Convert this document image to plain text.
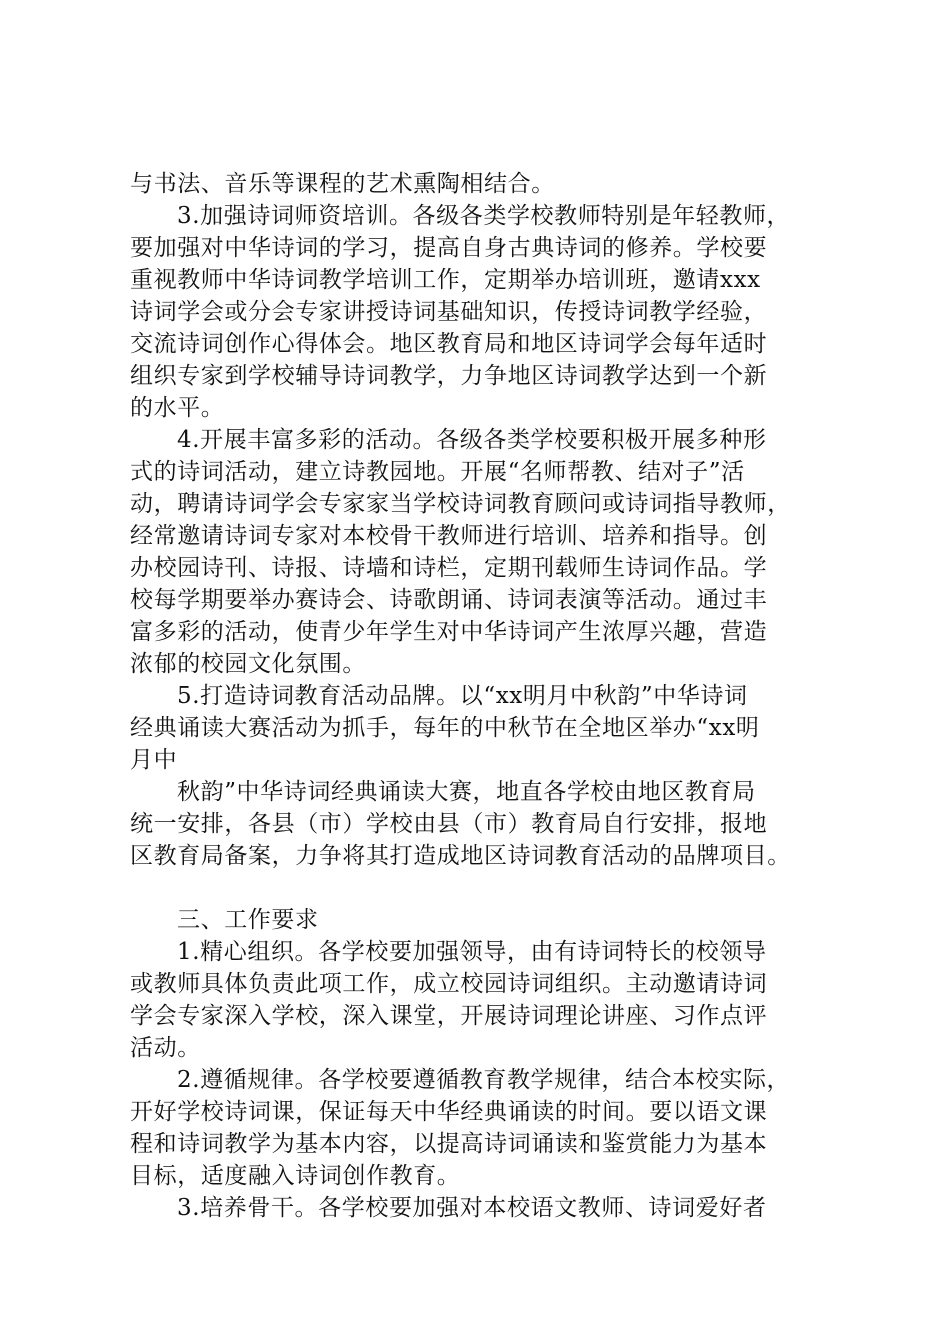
与书法、音乐等课程的艺术熏陶相结合。
3.加强诗词师资培训。各级各类学校教师特别是年轻教师，
要加强对中华诗词的学习，提高自身古典诗词的修养。学校要
重视教师中华诗词教学培训工作，定期举办培训班，邀请xxx
诗词学会或分会专家讲授诗词基础知识，传授诗词教学经验，
交流诗词创作心得体会。地区教育局和地区诗词学会每年适时
组织专家到学校辅导诗词教学，力争地区诗词教学达到一个新
的水平。
4.开展丰富多彩的活动。各级各类学校要积极开展多种形
式的诗词活动，建立诗教园地。开展“名师帮教、结对子”活
动，聘请诗词学会专家家当学校诗词教育顾问或诗词指导教师，
经常邀请诗词专家对本校骨干教师进行培训、培养和指导。创
办校园诗刊、诗报、诗墙和诗栏，定期刊载师生诗词作品。学
校每学期要举办赛诗会、诗歌朗诵、诗词表演等活动。通过丰
富多彩的活动，使青少年学生对中华诗词产生浓厚兴趣，营造
浓郁的校园文化氛围。
5.打造诗词教育活动品牌。以“xx明月中秋韵”中华诗词
经典诵读大赛活动为抓手，每年的中秋节在全地区举办“xx明
月中
秋韵”中华诗词经典诵读大赛，地直各学校由地区教育局
统一安排，各县（市）学校由县（市）教育局自行安排，报地
区教育局备案，力争将其打造成地区诗词教育活动的品牌项目。
三、工作要求
1.精心组织。各学校要加强领导，由有诗词特长的校领导
或教师具体负责此项工作，成立校园诗词组织。主动邀请诗词
学会专家深入学校，深入课堂，开展诗词理论讲座、习作点评
活动。
2.遵循规律。各学校要遵循教育教学规律，结合本校实际，
开好学校诗词课，保证每天中华经典诵读的时间。要以语文课
程和诗词教学为基本内容，以提高诗词诵读和鉴赏能力为基本
目标，适度融入诗词创作教育。
3.培养骨干。各学校要加强对本校语文教师、诗词爱好者
